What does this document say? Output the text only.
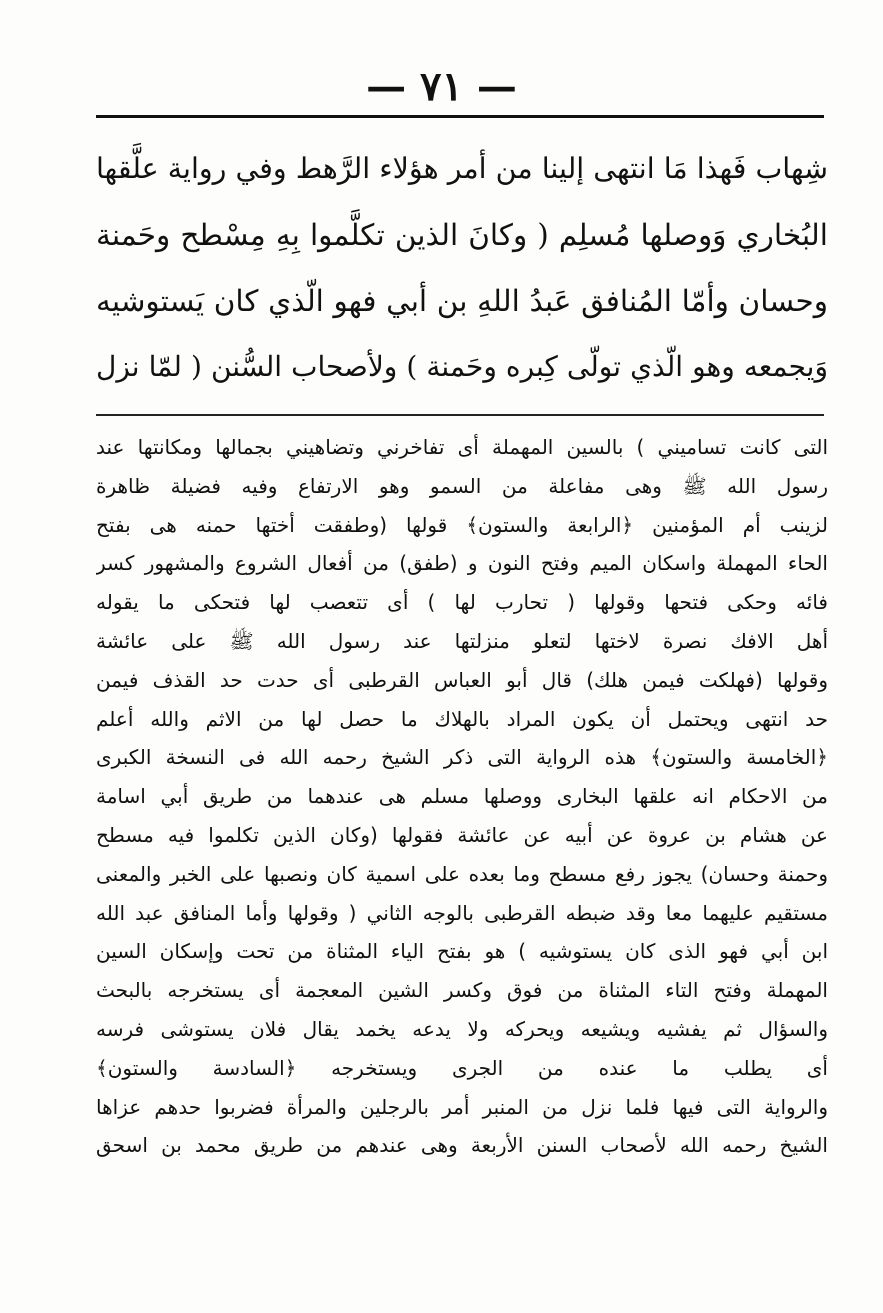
— ٧١ —
شِهاب فَهذا مَا انتهى إلينا من أمر هؤلاء الرَّهط وفي رواية علَّقها
البُخاري وَوصلها مُسلِم ( وكانَ الذين تكلَّموا بِهِ مِسْطح وحَمنة
وحسان وأمّا المُنافق عَبدُ اللهِ بن أبي فهو الّذي كان يَستوشيه
وَيجمعه وهو الّذي تولّى كِبره وحَمنة ) ولأصحاب السُّنن ( لمّا نزل
التى كانت تساميني ) بالسين المهملة أى تفاخرني وتضاهيني بجمالها ومكانتها عند
رسول الله ﷺ وهى مفاعلة من السمو وهو الارتفاع وفيه فضيلة ظاهرة
لزينب أم المؤمنين ﴿الرابعة والستون﴾ قولها (وطفقت أختها حمنه هى بفتح
الحاء المهملة واسكان الميم وفتح النون و (طفق) من أفعال الشروع والمشهور كسر
فائه وحكى فتحها وقولها ( تحارب لها ) أى تتعصب لها فتحكى ما يقوله
أهل الافك نصرة لاختها لتعلو منزلتها عند رسول الله ﷺ على عائشة
وقولها (فهلكت فيمن هلك) قال أبو العباس القرطبى أى حدت حد القذف فيمن
حد انتهى ويحتمل أن يكون المراد بالهلاك ما حصل لها من الاثم والله أعلم
﴿الخامسة والستون﴾ هذه الرواية التى ذكر الشيخ رحمه الله فى النسخة الكبرى
من الاحكام انه علقها البخارى ووصلها مسلم هى عندهما من طريق أبي اسامة
عن هشام بن عروة عن أبيه عن عائشة فقولها (وكان الذين تكلموا فيه مسطح
وحمنة وحسان) يجوز رفع مسطح وما بعده على اسمية كان ونصبها على الخبر والمعنى
مستقيم عليهما معا وقد ضبطه القرطبى بالوجه الثاني ( وقولها وأما المنافق عبد الله
ابن أبي فهو الذى كان يستوشيه ) هو بفتح الياء المثناة من تحت وإسكان السين
المهملة وفتح التاء المثناة من فوق وكسر الشين المعجمة أى يستخرجه بالبحث
والسؤال ثم يفشيه ويشيعه ويحركه ولا يدعه يخمد يقال فلان يستوشى فرسه
أى يطلب ما عنده من الجرى ويستخرجه ﴿السادسة والستون﴾
والرواية التى فيها فلما نزل من المنبر أمر بالرجلين والمرأة فضربوا حدهم عزاها
الشيخ رحمه الله لأصحاب السنن الأربعة وهى عندهم من طريق محمد بن اسحق
